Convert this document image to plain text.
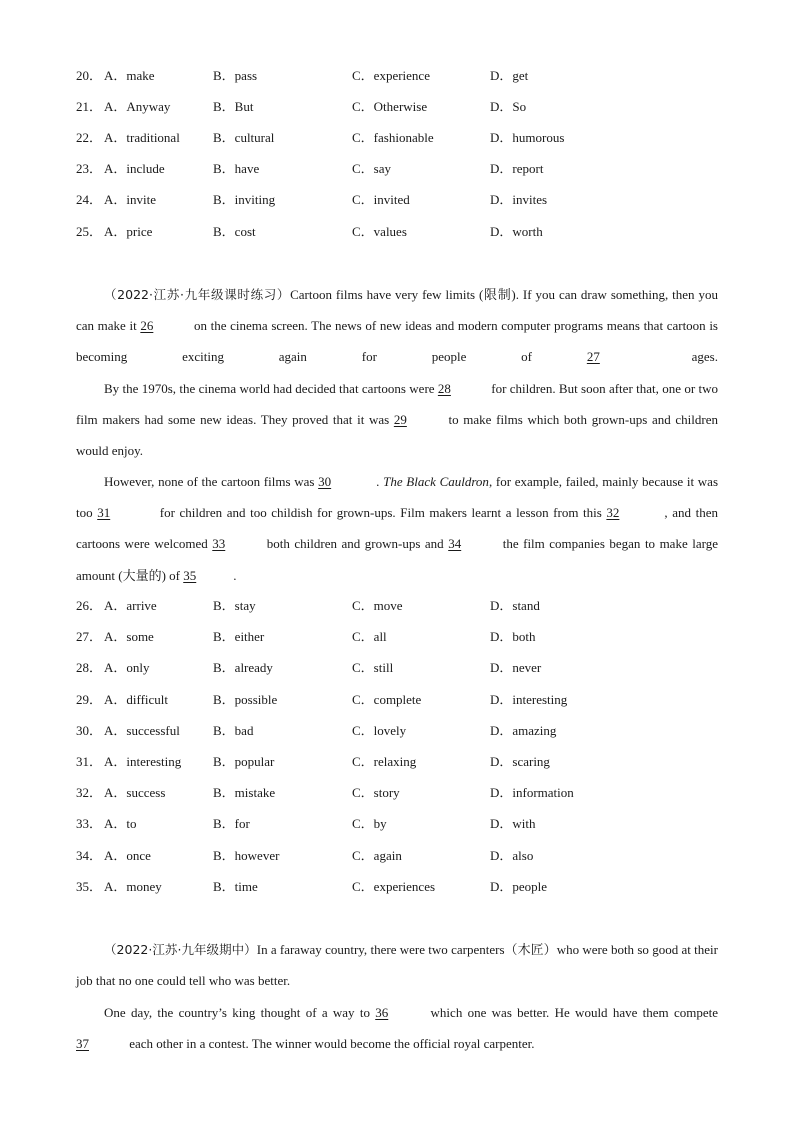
20． A．make	B．pass	C．experience	D．get
21． A．Anyway	B．But	C．Otherwise	D．So
22． A．traditional	B．cultural	C．fashionable	D．humorous
23． A．include	B．have	C．say	D．report
24． A．invite	B．inviting	C．invited	D．invites
25． A．price	B．cost	C．values	D．worth

（2022·江苏·九年级课时练习）Cartoon films have very few limits (限制). If you can draw something, then you can make it 26	on the cinema screen. The news of new ideas and modern computer programs means that cartoon is becoming exciting again for people of 27	ages.

By the 1970s, the cinema world had decided that cartoons were 28	for children. But soon after that, one or two film makers had some new ideas. They proved that it was 29	to make films which both grown-ups and children would enjoy.

However, none of the cartoon films was 30	. The Black Cauldron, for example, failed, mainly because it was too 31	for children and too childish for grown-ups. Film makers learnt a lesson from this 32	, and then cartoons were welcomed 33	both children and grown-ups and 34	the film companies began to make large amount (大量的) of 35	.

26． A．arrive	B．stay	C．move	D．stand
27． A．some	B．either	C．all	D．both
28． A．only	B．already	C．still	D．never
29． A．difficult	B．possible	C．complete	D．interesting
30． A．successful	B．bad	C．lovely	D．amazing
31． A．interesting B．popular	C．relaxing	D．scaring
32． A．success	B．mistake	C．story	D．information
33． A．to	B．for	C．by	D．with
34． A．once	B．however	C．again	D．also
35． A．money	B．time	C．experiences	D．people

（2022·江苏·九年级期中）In a faraway country, there were two carpenters（木匠）who were both so good at their job that no one could tell who was better.

One day, the country’s king thought of a way to 36	which one was better. He would have them compete 37	each other in a contest. The winner would become the official royal carpenter.
